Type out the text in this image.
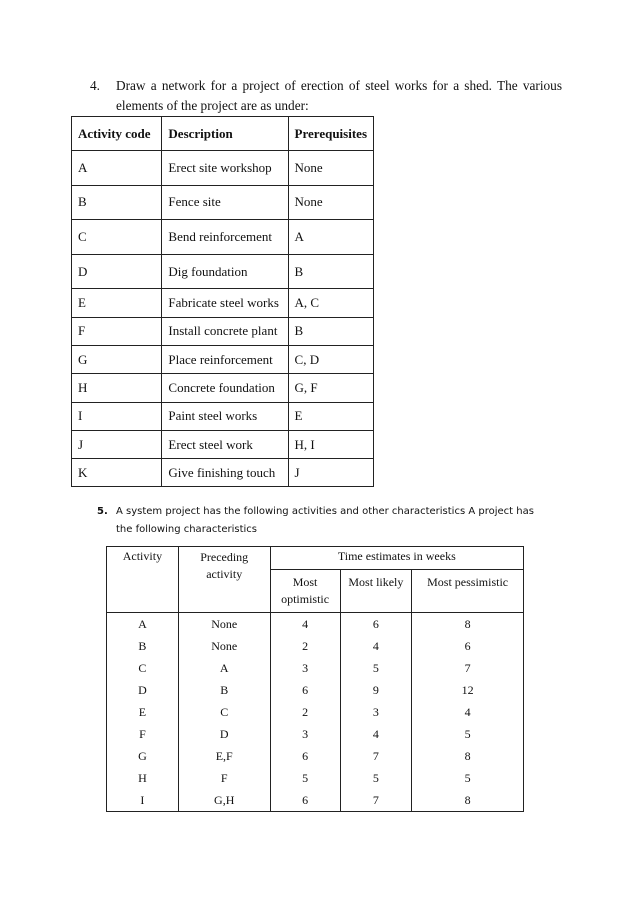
4. Draw a network for a project of erection of steel works for a shed. The various elements of the project are as under:
Activity code	Description	Prerequisites
A	Erect site workshop	None
B	Fence site	None
C	Bend reinforcement	A
D	Dig foundation	B
E	Fabricate steel works	A, C
F	Install concrete plant	B
G	Place reinforcement	C, D
H	Concrete foundation	G, F
I	Paint steel works	E
J	Erect steel work	H, I
K	Give finishing touch	J
5. A system project has the following activities and other characteristics A project has the following characteristics
Activity	Preceding activity	Time estimates in weeks		
		Most optimistic	Most likely	Most pessimistic
A	None	4	6	8
B	None	2	4	6
C	A	3	5	7
D	B	6	9	12
E	C	2	3	4
F	D	3	4	5
G	E,F	6	7	8
H	F	5	5	5
I	G,H	6	7	8
